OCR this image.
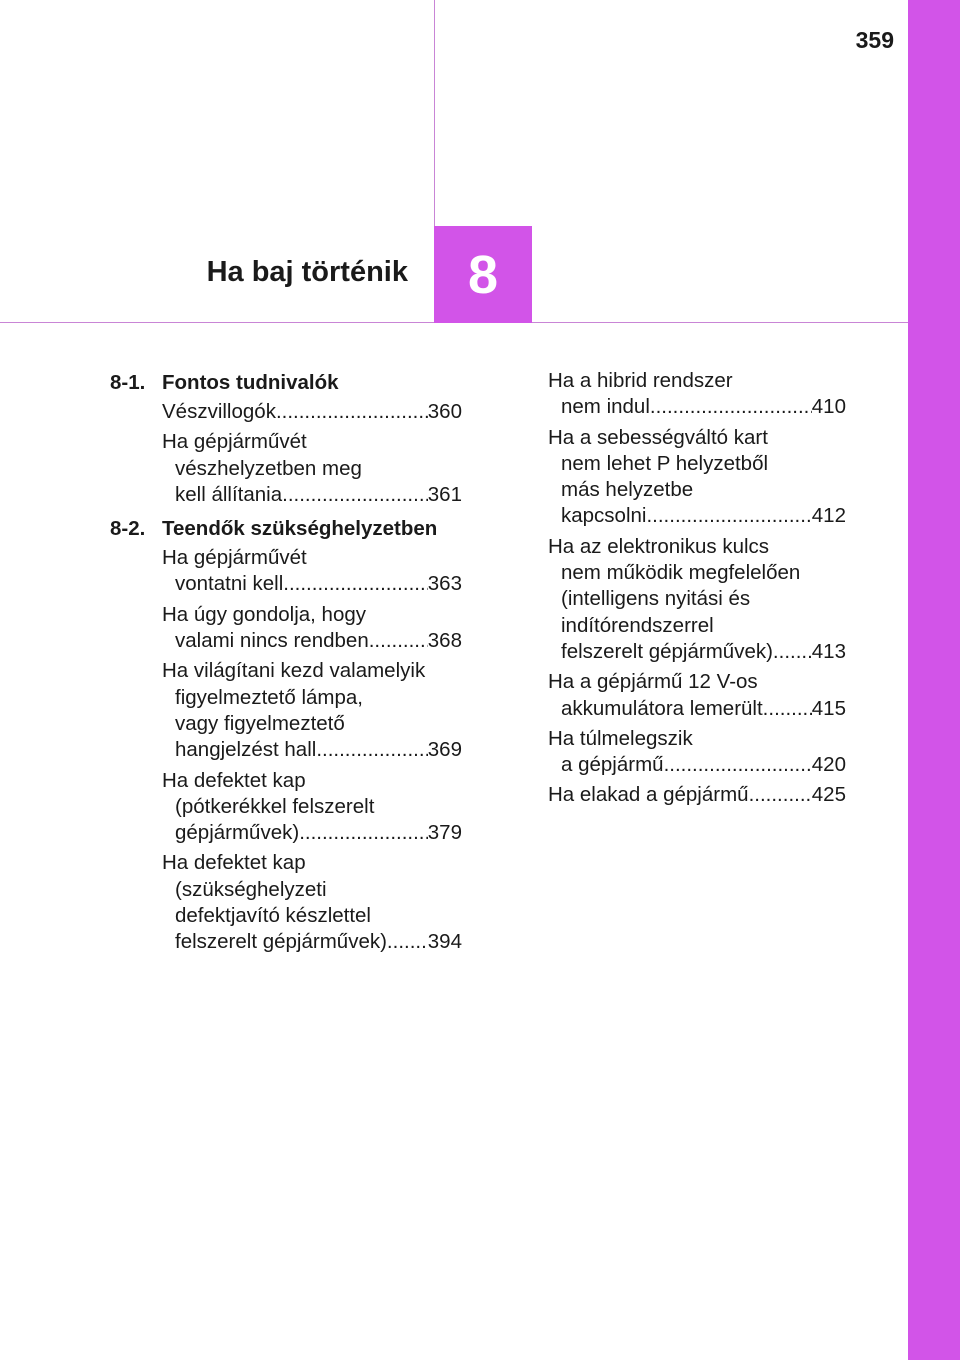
359
Ha baj történik 8
8-1. Fontos tudnivalók
Vészvillogók .....	360
Ha gépjárművét
vészhelyzetben meg
kell állítania .....	361
8-2. Teendők szükséghelyzetben
Ha gépjárművét
vontatni kell .....	363
Ha úgy gondolja, hogy
valami nincs rendben .....	368
Ha világítani kezd valamelyik
figyelmeztető lámpa,
vagy figyelmeztető
hangjelzést hall .....	369
Ha defektet kap
(pótkerékkel felszerelt
gépjárművek) .....	379
Ha defektet kap
(szükséghelyzeti
defektjavító készlettel
felszerelt gépjárművek) ..... 394
Ha a hibrid rendszer
nem indul .....	410
Ha a sebességváltó kart
nem lehet P helyzetből
más helyzetbe
kapcsolni .....	412
Ha az elektronikus kulcs
nem működik megfelelően
(intelligens nyitási és
indítórendszerrel
felszerelt gépjárművek) ..... 413
Ha a gépjármű 12 V-os
akkumulátora lemerült ..... 415
Ha túlmelegszik
a gépjármű .....	420
Ha elakad a gépjármű .....	425
